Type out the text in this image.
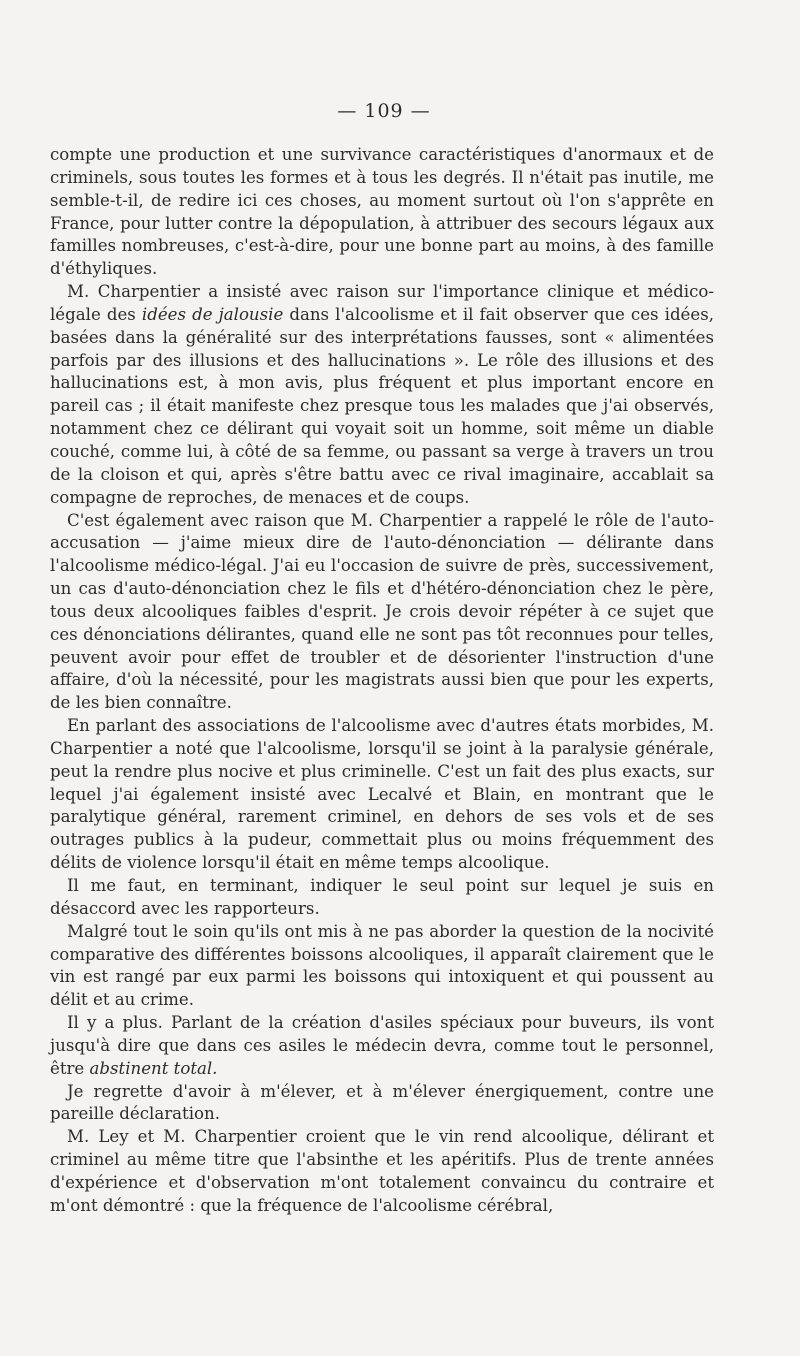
— 109 —

compte une production et une survivance caractéristiques d'anormaux et de criminels, sous toutes les formes et à tous les degrés. Il n'était pas inutile, me semble-t-il, de redire ici ces choses, au moment surtout où l'on s'apprête en France, pour lutter contre la dépopulation, à attribuer des secours légaux aux familles nombreuses, c'est-à-dire, pour une bonne part au moins, à des famille d'éthyliques.

M. Charpentier a insisté avec raison sur l'importance clinique et médico-légale des idées de jalousie dans l'alcoolisme et il fait observer que ces idées, basées dans la généralité sur des interprétations fausses, sont « alimentées parfois par des illusions et des hallucinations ». Le rôle des illusions et des hallucinations est, à mon avis, plus fréquent et plus important encore en pareil cas ; il était manifeste chez presque tous les malades que j'ai observés, notamment chez ce délirant qui voyait soit un homme, soit même un diable couché, comme lui, à côté de sa femme, ou passant sa verge à travers un trou de la cloison et qui, après s'être battu avec ce rival imaginaire, accablait sa compagne de reproches, de menaces et de coups.

C'est également avec raison que M. Charpentier a rappelé le rôle de l'auto-accusation — j'aime mieux dire de l'auto-dénonciation — délirante dans l'alcoolisme médico-légal. J'ai eu l'occasion de suivre de près, successivement, un cas d'auto-dénonciation chez le fils et d'hétéro-dénonciation chez le père, tous deux alcooliques faibles d'esprit. Je crois devoir répéter à ce sujet que ces dénonciations délirantes, quand elle ne sont pas tôt reconnues pour telles, peuvent avoir pour effet de troubler et de désorienter l'instruction d'une affaire, d'où la nécessité, pour les magistrats aussi bien que pour les experts, de les bien connaître.

En parlant des associations de l'alcoolisme avec d'autres états morbides, M. Charpentier a noté que l'alcoolisme, lorsqu'il se joint à la paralysie générale, peut la rendre plus nocive et plus criminelle. C'est un fait des plus exacts, sur lequel j'ai également insisté avec Lecalvé et Blain, en montrant que le paralytique général, rarement criminel, en dehors de ses vols et de ses outrages publics à la pudeur, commettait plus ou moins fréquemment des délits de violence lorsqu'il était en même temps alcoolique.

Il me faut, en terminant, indiquer le seul point sur lequel je suis en désaccord avec les rapporteurs.

Malgré tout le soin qu'ils ont mis à ne pas aborder la question de la nocivité comparative des différentes boissons alcooliques, il apparaît clairement que le vin est rangé par eux parmi les boissons qui intoxiquent et qui poussent au délit et au crime.

Il y a plus. Parlant de la création d'asiles spéciaux pour buveurs, ils vont jusqu'à dire que dans ces asiles le médecin devra, comme tout le personnel, être abstinent total.

Je regrette d'avoir à m'élever, et à m'élever énergiquement, contre une pareille déclaration.

M. Ley et M. Charpentier croient que le vin rend alcoolique, délirant et criminel au même titre que l'absinthe et les apéritifs. Plus de trente années d'expérience et d'observation m'ont totalement convaincu du contraire et m'ont démontré : que la fréquence de l'alcoolisme cérébral,
